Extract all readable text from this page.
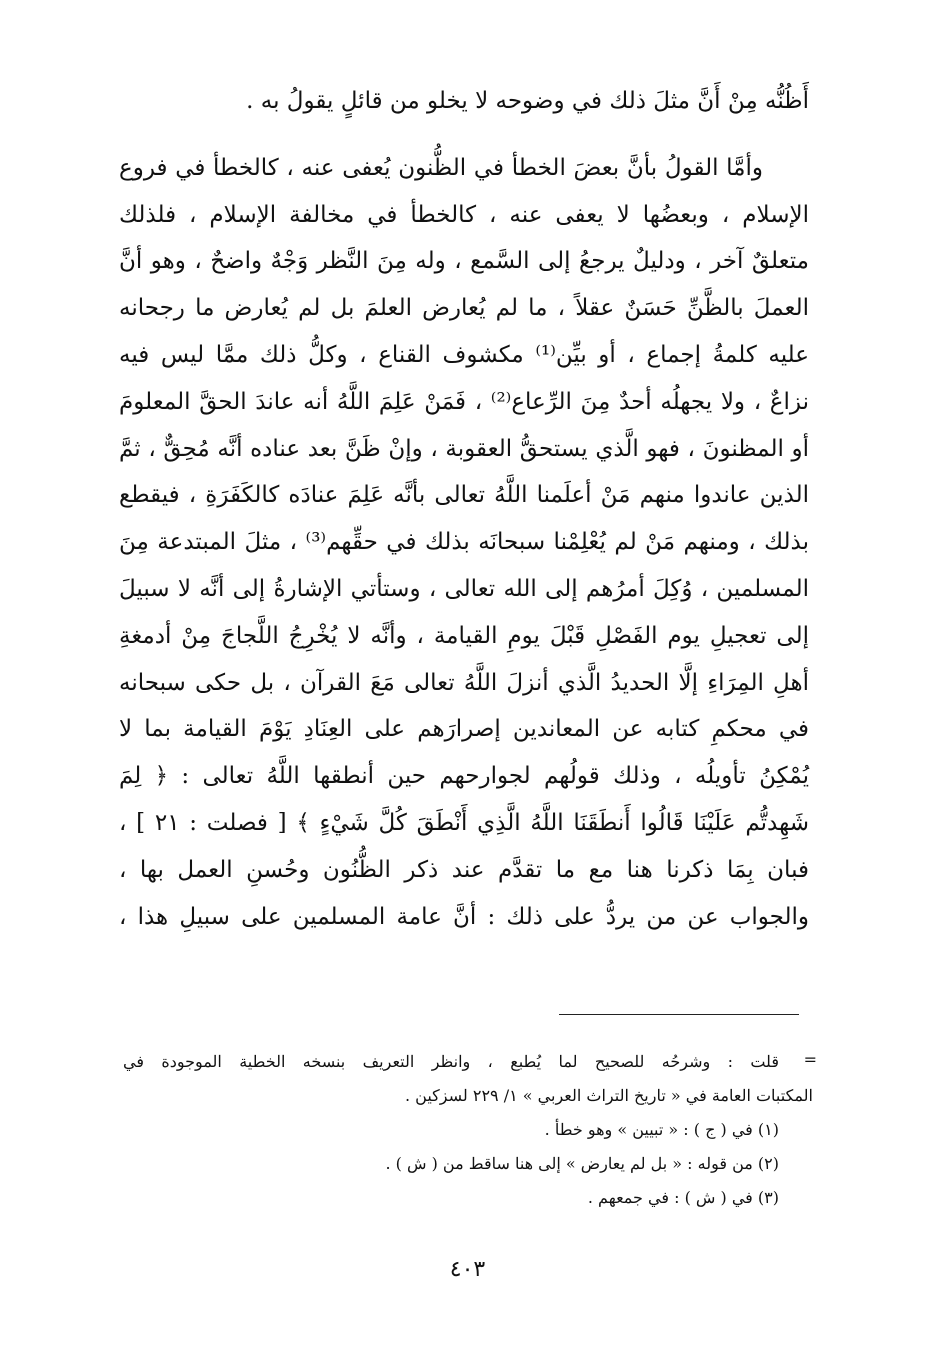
أَظُنُّه مِنْ أَنَّ مثلَ ذلك في وضوحه لا يخلو من قائلٍ يقولُ به .
وأمَّا القولُ بأنَّ بعضَ الخطأ في الظُّنون يُعفى عنه ، كالخطأ في فروع
الإسلام ، وبعضُها لا يعفى عنه ، كالخطأ في مخالفة الإسلام ، فلذلك
متعلقٌ آخر ، ودليلٌ يرجعُ إلى السَّمع ، وله مِنَ النَّظر وَجْهٌ واضحٌ ، وهو أنَّ
العملَ بالظَّنِّ حَسَنٌ عقلاً ، ما لم يُعارض العلمَ بل لم يُعارض ما رجحانه
عليه كلمةُ إجماع ، أو بيِّن⁽¹⁾ مكشوف القناع ، وكلُّ ذلك ممَّا ليس فيه
نزاعٌ ، ولا يجهلُه أحدٌ مِنَ الرِّعاع⁽²⁾ ، فَمَنْ عَلِمَ اللَّهُ أنه عاندَ الحقَّ المعلومَ
أو المظنونَ ، فهو الَّذي يستحقُّ العقوبة ، وإنْ ظَنَّ بعد عناده أنَّه مُحِقٌّ ، ثمَّ
الذين عاندوا منهم مَنْ أعلَمنا اللَّهُ تعالى بأنَّه عَلِمَ عنادَه كالكَفَرَةِ ، فيقطع
بذلك ، ومنهم مَنْ لم يُعْلِمْنا سبحانَه بذلك في حقِّهم⁽³⁾ ، مثلَ المبتدعة مِنَ
المسلمين ، وُكِلَ أمرُهم إلى الله تعالى ، وستأتي الإشارةُ إلى أنَّه لا سبيلَ
إلى تعجيلِ يوم الفَصْلِ قَبْلَ يومِ القيامة ، وأنَّه لا يُخْرِجُ اللَّجاجَ مِنْ أدمغةِ
أهلِ المِرَاءِ إلَّا الحديدُ الَّذي أنزلَ اللَّهُ تعالى مَعَ القرآن ، بل حكى سبحانه
في محكمِ كتابه عن المعاندين إصرارَهم على العِنَادِ يَوْمَ القيامة بما لا
يُمْكِنُ تأويلُه ، وذلك قولُهم لجوارحهم حين أنطقها اللَّهُ تعالى : ﴿ لِمَ
شَهِدتُّم عَلَيْنَا قَالُوا أَنطَقَنَا اللَّهُ الَّذِي أَنْطَقَ كُلَّ شَيْءٍ ﴾ [ فصلت : ٢١ ] ،
فبان بِمَا ذكرنا هنا مع ما تقدَّم عند ذكر الظُّنُون وحُسنِ العمل بها ،
والجواب عن من يردُّ على ذلك : أنَّ عامة المسلمين على سبيلِ هذا ،
=
قلت : وشرحُه للصحيح لما يُطبع ، وانظر التعريف بنسخه الخطية الموجودة في
المكتبات العامة في « تاريخ التراث العربي » ١/ ٢٢٩ لسزكين .
(١) في ( ج ) : « تبيين » وهو خطأ .
(٢) من قوله : « بل لم يعارض » إلى هنا ساقط من ( ش ) .
(٣) في ( ش ) : في جمعهم .
٤٠٣
